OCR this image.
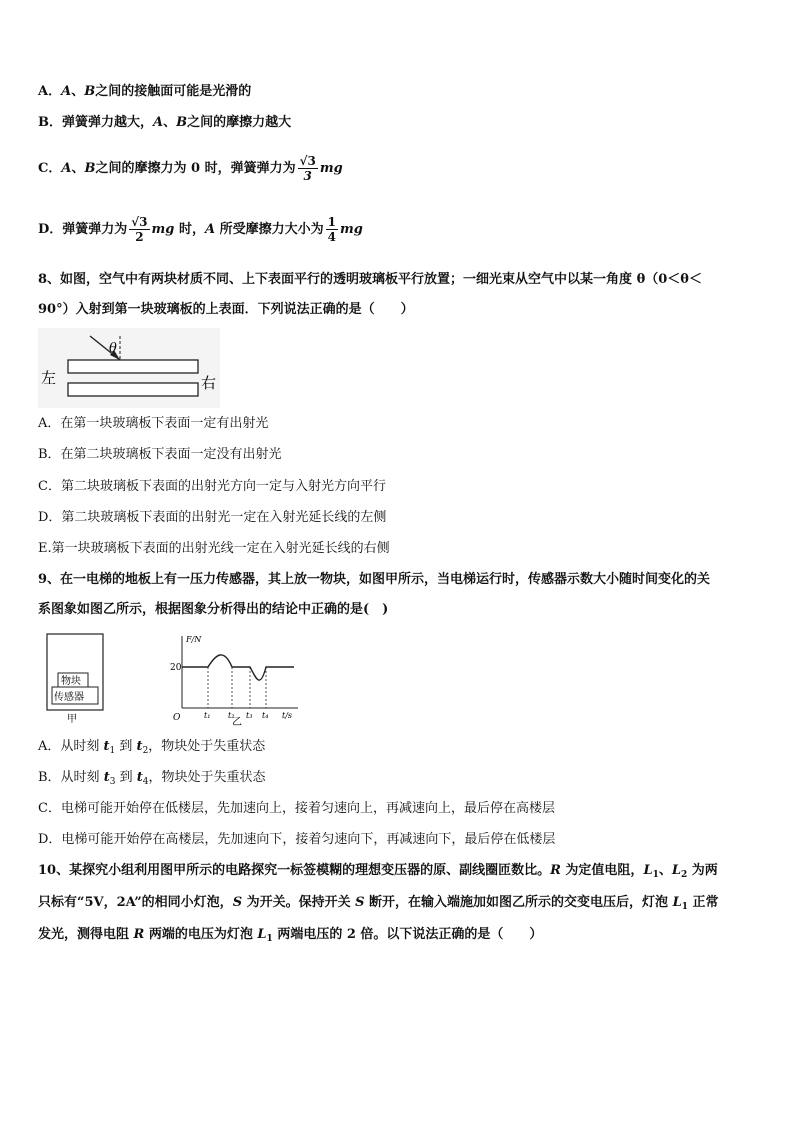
A．A、B之间的接触面可能是光滑的
B．弹簧弹力越大，A、B之间的摩擦力越大
C．A、B之间的摩擦力为 0 时，弹簧弹力为 $\frac{√3}{3}$ mg
D．弹簧弹力为 $\frac{√3}{2}$ mg 时，A 所受摩擦力大小为 $\frac{1}{4}$ mg
8、如图，空气中有两块材质不同、上下表面平行的透明玻璃板平行放置；一细光束从空气中以某一角度 θ（0＜θ＜
90°）入射到第一块玻璃板的上表面．下列说法正确的是（　　）
θ
左	右
A．在第一块玻璃板下表面一定有出射光
B．在第二块玻璃板下表面一定没有出射光
C．第二块玻璃板下表面的出射光方向一定与入射光方向平行
D．第二块玻璃板下表面的出射光一定在入射光延长线的左侧
E.第一块玻璃板下表面的出射光线一定在入射光延长线的右侧
9、在一电梯的地板上有一压力传感器，其上放一物块，如图甲所示，当电梯运行时，传感器示数大小随时间变化的关
系图象如图乙所示，根据图象分析得出的结论中正确的是(　)
物块
传感器
甲
F/N
20
O	t₁ t₂ t₃ t₄ t/s
乙
A．从时刻 $t_1$ 到 $t_2$，物块处于失重状态
B．从时刻 $t_3$ 到 $t_4$，物块处于失重状态
C．电梯可能开始停在低楼层，先加速向上，接着匀速向上，再减速向上，最后停在高楼层
D．电梯可能开始停在高楼层，先加速向下，接着匀速向下，再减速向下，最后停在低楼层
10、某探究小组利用图甲所示的电路探究一标签模糊的理想变压器的原、副线圈匝数比。R 为定值电阻，$L_1$、$L_2$ 为两
只标有“5V，2A”的相同小灯泡，S 为开关。保持开关 S 断开，在输入端施加如图乙所示的交变电压后，灯泡 $L_1$ 正常
发光，测得电阻 R 两端的电压为灯泡 $L_1$ 两端电压的 2 倍。以下说法正确的是（　　）
